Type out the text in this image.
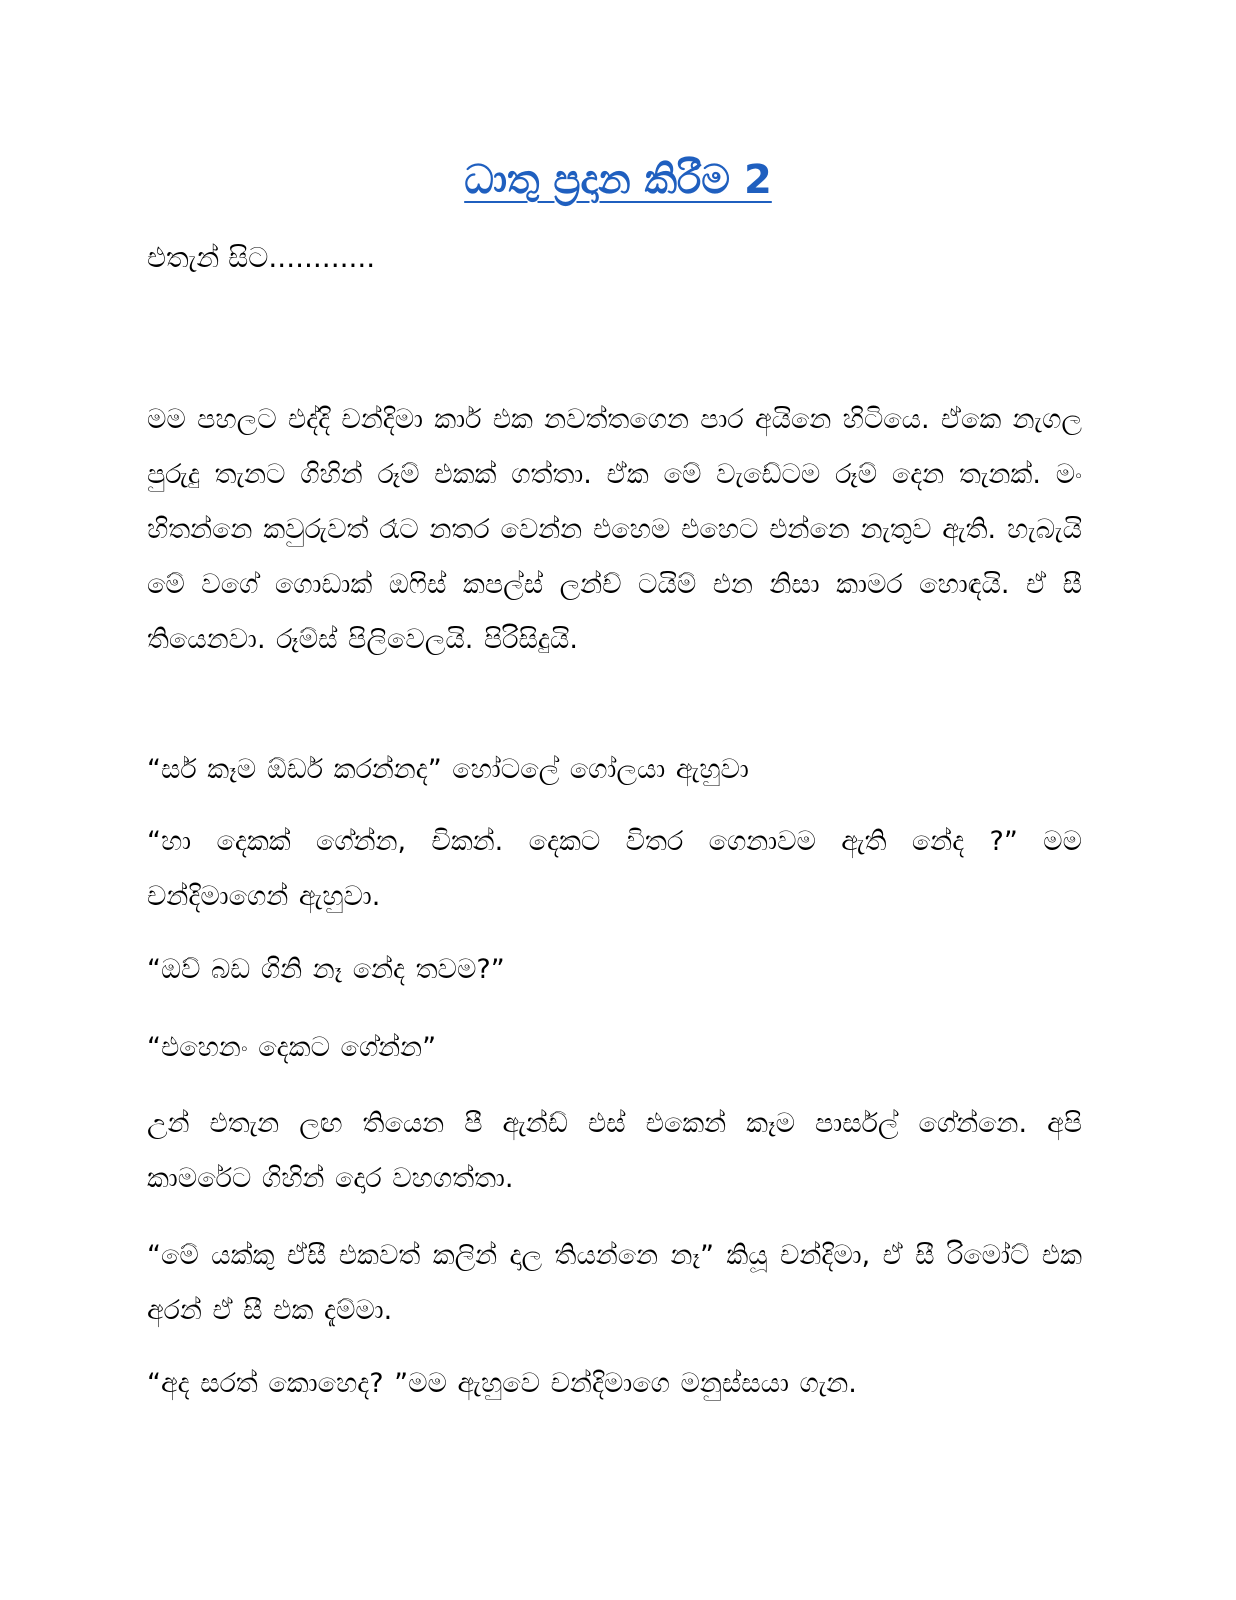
ධාතු ප්‍රදාන කිරීම 2
එතැන් සිට............
මම පහලට එද්දි චන්දිමා කාර් එක නවත්තගෙන පාර අයිනෙ හිටියෙ. ඒකෙ නැගල පුරුදු තැනට ගිහින් රූම් එකක් ගත්තා. ඒක මේ වැඩේටම රූම් දෙන තැනක්. මං හිතන්නෙ කවුරුවත් රෑට නතර වෙන්න එහෙම එහෙට එන්නෙ නැතුව ඇති. හැබැයි මේ වගේ ගොඩාක් ඔෆිස් කපල්ස් ලන්ච් ටයිම් එන නිසා කාමර හොඳයි. ඒ සී තියෙනවා. රූම්ස් පිලිවෙලයි. පිරිසිදුයි.
“සර් කෑම ඕඩර් කරන්නද” හෝටලේ ගෝලයා ඇහුවා
“හා දෙකක් ගේන්න, චිකන්. දෙකට විතර ගෙනාවම ඇති නේද ?” මම චන්දිමාගෙන් ඇහුවා.
“ඔව් බඩ ගිනි නෑ නේද තවම?”
“එහෙනං දෙකට ගේන්න”
උන් එතැන ලඟ තියෙන පී ඇන්ඩ් එස් එකෙන් කෑම පාර්සල් ගේන්නෙ. අපි කාමරේට ගිහින් දොර වහගත්තා.
“මේ යක්කු ඒසී එකවත් කලින් දාල තියන්නෙ නෑ” කියූ චන්දිමා, ඒ සී රිමෝට් එක අරන් ඒ සී එක දැම්මා.
“අද සරත් කොහෙද? ”මම ඇහුවෙ චන්දිමාගෙ මනුස්සයා ගැන.
